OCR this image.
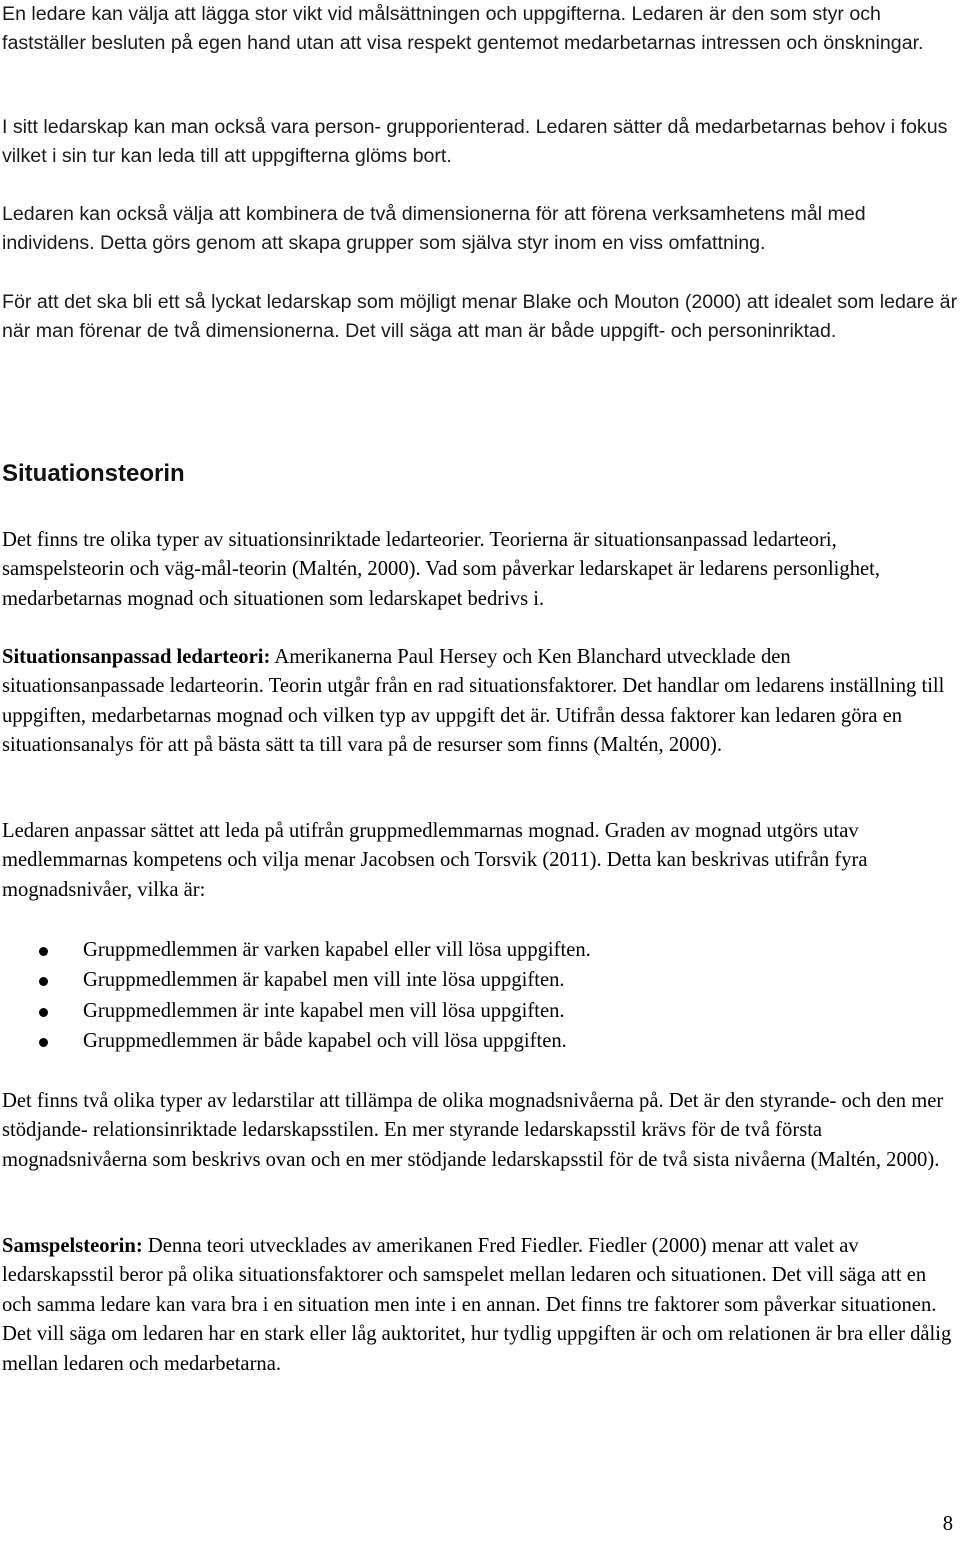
En ledare kan välja att lägga stor vikt vid målsättningen och uppgifterna. Ledaren är den som styr och fastställer besluten på egen hand utan att visa respekt gentemot medarbetarnas intressen och önskningar.

I sitt ledarskap kan man också vara person- grupporienterad. Ledaren sätter då medarbetarnas behov i fokus vilket i sin tur kan leda till att uppgifterna glöms bort.

Ledaren kan också välja att kombinera de två dimensionerna för att förena verksamhetens mål med individens. Detta görs genom att skapa grupper som själva styr inom en viss omfattning.

För att det ska bli ett så lyckat ledarskap som möjligt menar Blake och Mouton (2000) att idealet som ledare är när man förenar de två dimensionerna. Det vill säga att man är både uppgift- och personinriktad.

Situationsteorin

Det finns tre olika typer av situationsinriktade ledarteorier. Teorierna är situationsanpassad ledarteori, samspelsteorin och väg-mål-teorin (Maltén, 2000). Vad som påverkar ledarskapet är ledarens personlighet, medarbetarnas mognad och situationen som ledarskapet bedrivs i.

Situationsanpassad ledarteori: Amerikanerna Paul Hersey och Ken Blanchard utvecklade den situationsanpassade ledarteorin. Teorin utgår från en rad situationsfaktorer. Det handlar om ledarens inställning till uppgiften, medarbetarnas mognad och vilken typ av uppgift det är. Utifrån dessa faktorer kan ledaren göra en situationsanalys för att på bästa sätt ta till vara på de resurser som finns (Maltén, 2000).

Ledaren anpassar sättet att leda på utifrån gruppmedlemmarnas mognad. Graden av mognad utgörs utav medlemmarnas kompetens och vilja menar Jacobsen och Torsvik (2011). Detta kan beskrivas utifrån fyra mognadsnivåer, vilka är:

Gruppmedlemmen är varken kapabel eller vill lösa uppgiften.
Gruppmedlemmen är kapabel men vill inte lösa uppgiften.
Gruppmedlemmen är inte kapabel men vill lösa uppgiften.
Gruppmedlemmen är både kapabel och vill lösa uppgiften.

Det finns två olika typer av ledarstilar att tillämpa de olika mognadsnivåerna på. Det är den styrande- och den mer stödjande- relationsinriktade ledarskapsstilen. En mer styrande ledarskapsstil krävs för de två första mognadsnivåerna som beskrivs ovan och en mer stödjande ledarskapsstil för de två sista nivåerna (Maltén, 2000).

Samspelsteorin: Denna teori utvecklades av amerikanen Fred Fiedler. Fiedler (2000) menar att valet av ledarskapsstil beror på olika situationsfaktorer och samspelet mellan ledaren och situationen. Det vill säga att en och samma ledare kan vara bra i en situation men inte i en annan. Det finns tre faktorer som påverkar situationen. Det vill säga om ledaren har en stark eller låg auktoritet, hur tydlig uppgiften är och om relationen är bra eller dålig mellan ledaren och medarbetarna.

8
